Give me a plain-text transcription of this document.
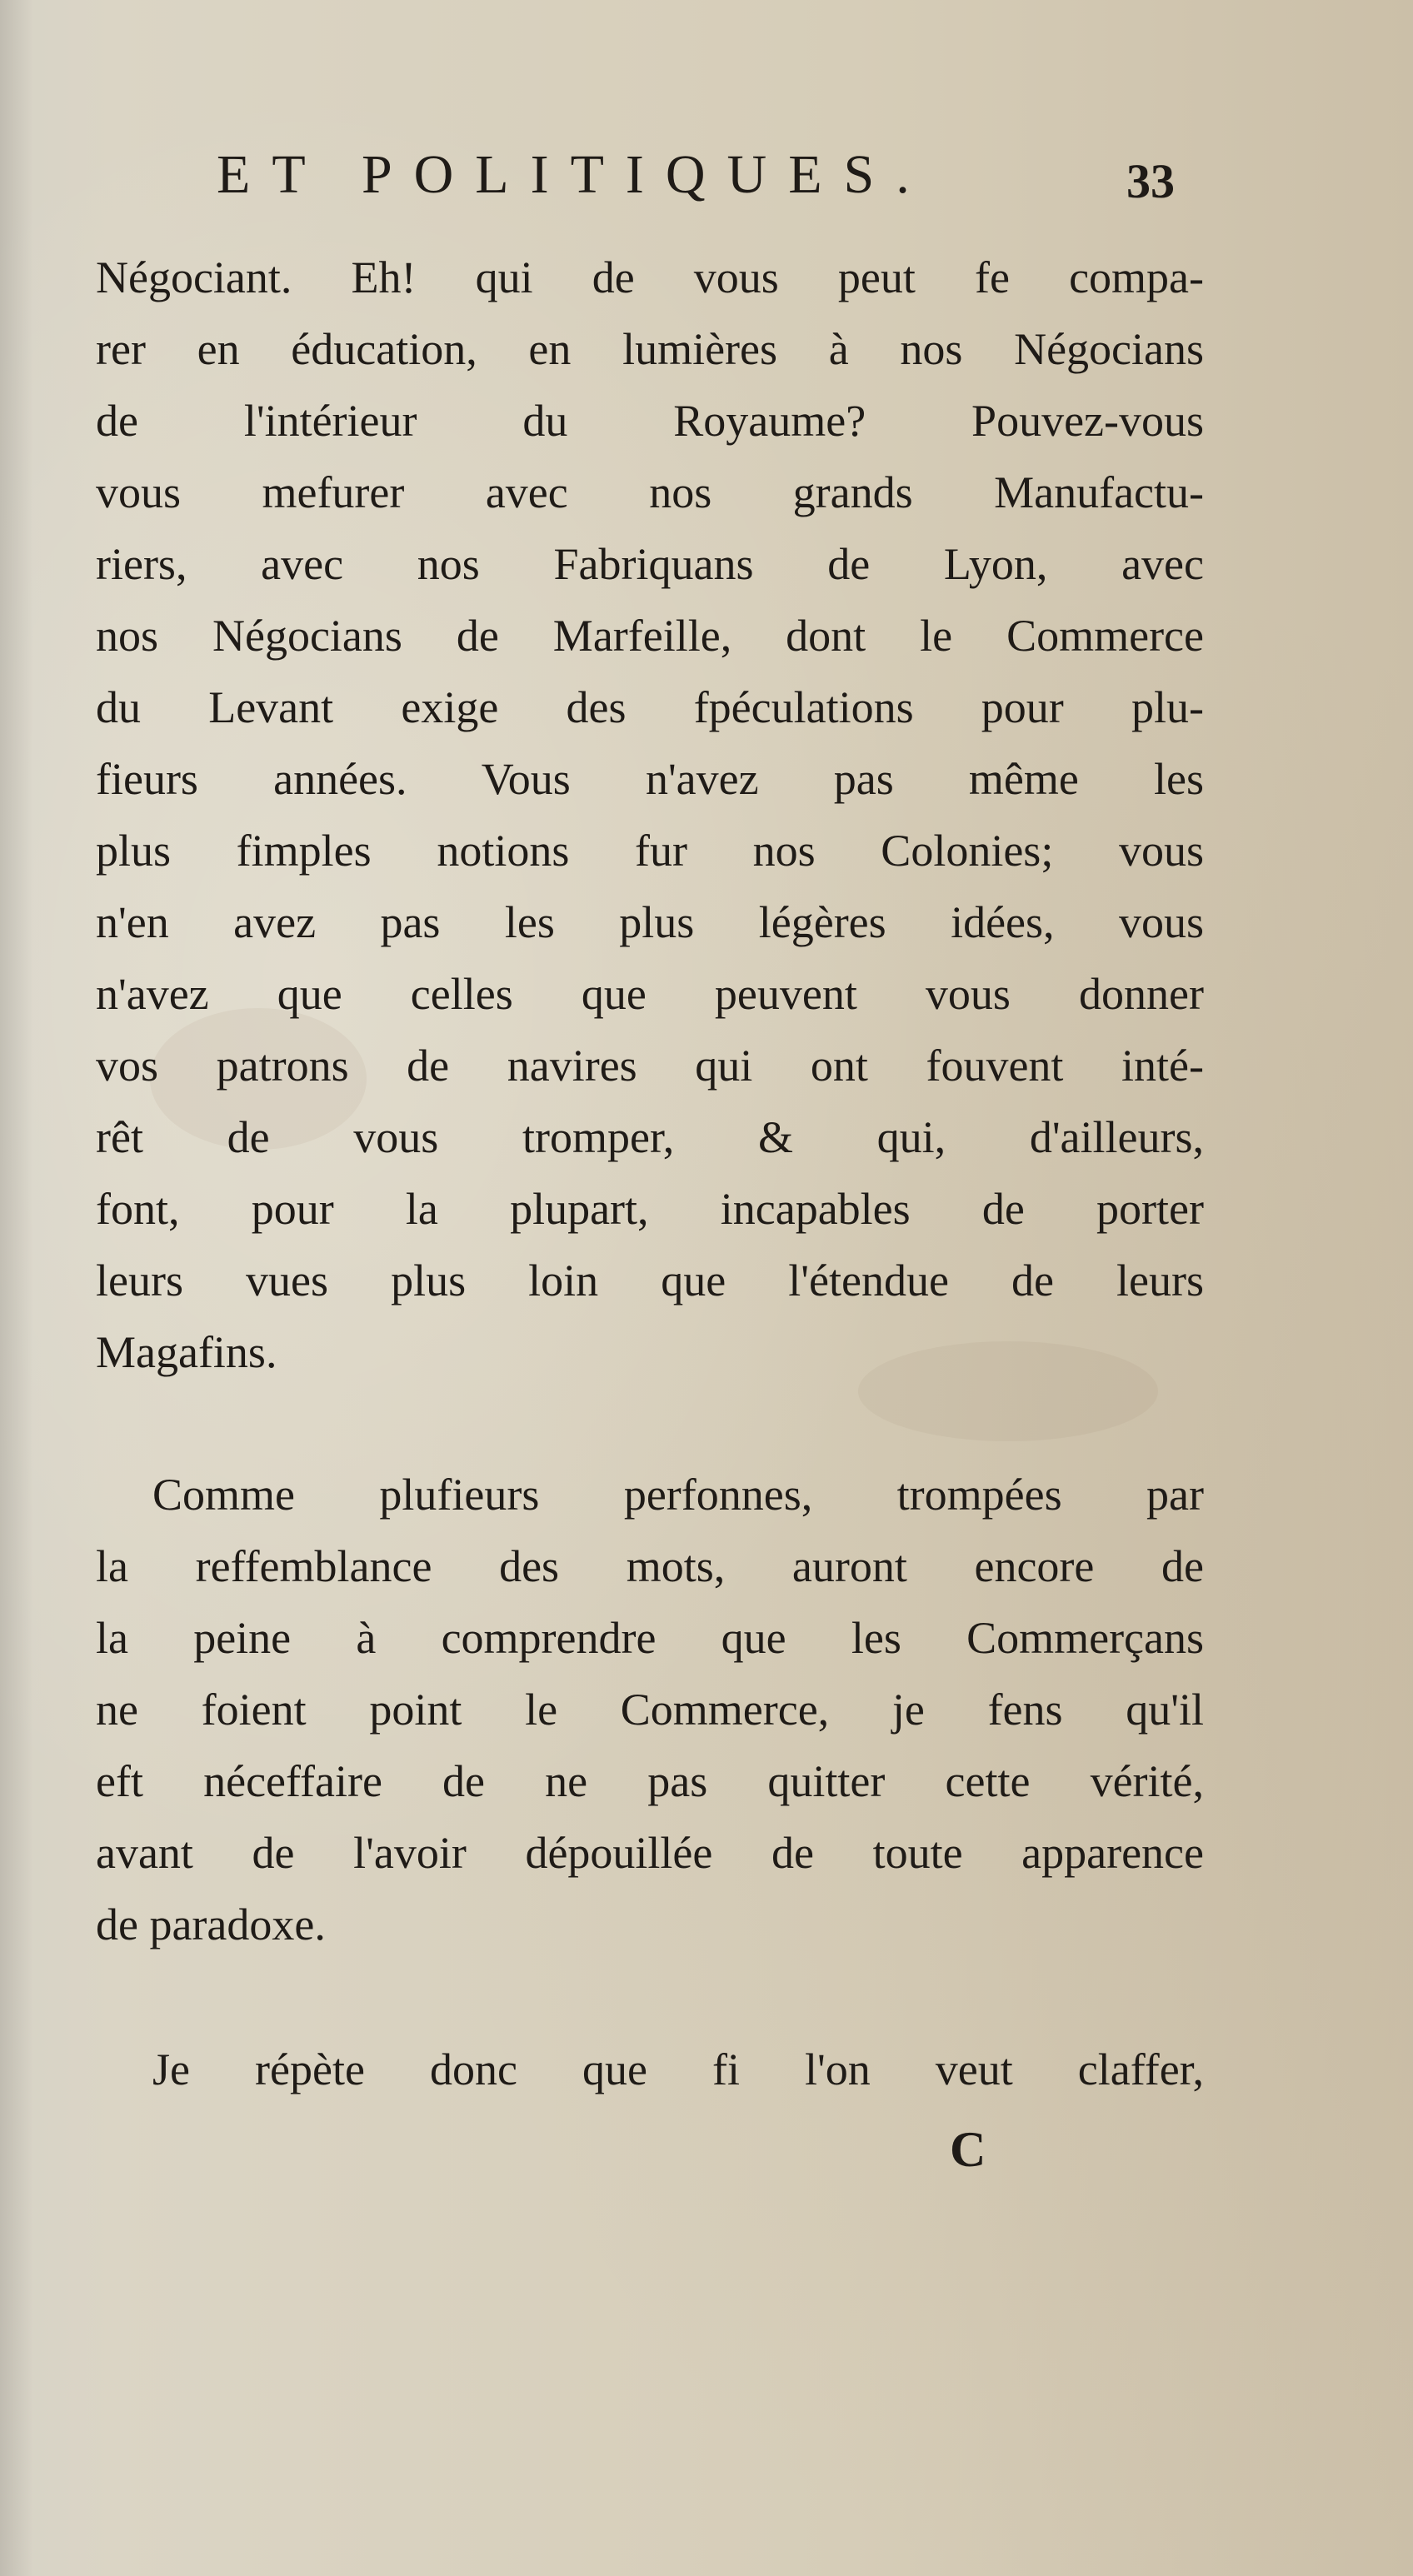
ET POLITIQUES.	33
Négociant. Eh! qui de vous peut fe compa-
rer en éducation, en lumières à nos Négocians
de l'intérieur du Royaume? Pouvez-vous
vous mefurer avec nos grands Manufactu-
riers, avec nos Fabriquans de Lyon, avec
nos Négocians de Marfeille, dont le Commerce
du Levant exige des fpéculations pour plu-
fieurs années. Vous n'avez pas même les
plus fimples notions fur nos Colonies; vous
n'en avez pas les plus légères idées, vous
n'avez que celles que peuvent vous donner
vos patrons de navires qui ont fouvent inté-
rêt de vous tromper, & qui, d'ailleurs,
font, pour la plupart, incapables de porter
leurs vues plus loin que l'étendue de leurs
Magafins.
Comme plufieurs perfonnes, trompées par
la reffemblance des mots, auront encore de
la peine à comprendre que les Commerçans
ne foient point le Commerce, je fens qu'il
eft néceffaire de ne pas quitter cette vérité,
avant de l'avoir dépouillée de toute apparence
de paradoxe.
Je répète donc que fi l'on veut claffer,
C
